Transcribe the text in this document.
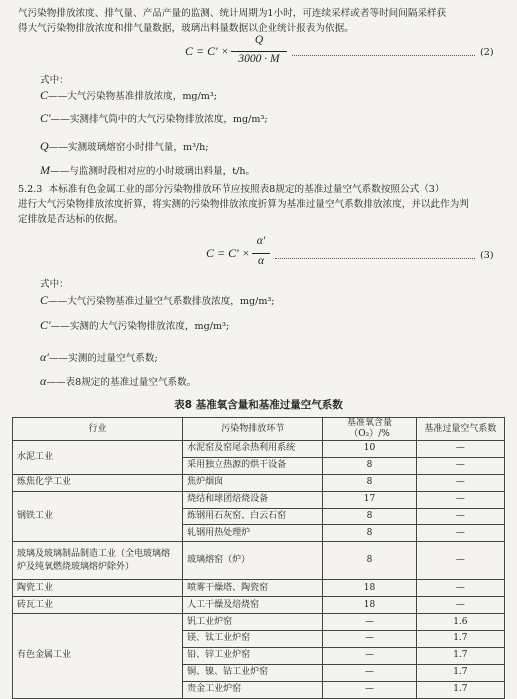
气污染物排放浓度、排气量、产品产量的监测、统计周期为1小时，可连续采样或者等时间间隔采样获
得大气污染物排放浓度和排气量数据，玻璃出料量数据以企业统计报表为依据。
C = C′ ×
Q
3000 · M
(2)
式中：
C——大气污染物基准排放浓度，mg/m³;
C′——实测排气筒中的大气污染物排放浓度，mg/m³;
Q——实测玻璃熔窑小时排气量，m³/h;
M——与监测时段相对应的小时玻璃出料量，t/h。
5.2.3 本标准有色金属工业的部分污染物排放环节应按照表8规定的基准过量空气系数按照公式（3）
进行大气污染物排放浓度折算，将实测的污染物排放浓度折算为基准过量空气系数排放浓度，并以此作为判
定排放是否达标的依据。
C = C′ ×
α′
α	(3)
式中：
C——大气污染物基准过量空气系数排放浓度，mg/m³;
C′——实测的大气污染物排放浓度，mg/m³;
α′——实测的过量空气系数;
α——表8规定的基准过量空气系数。
表8 基准氧含量和基准过量空气系数
行业	污染物排放环节	基准氧含量（O₂）/%	基准过量空气系数
水泥工业	水泥窑及窑尾余热利用系统	10	—
	采用独立热源的烘干设备	8	—
炼焦化学工业	焦炉烟囱	8	—
钢铁工业	烧结和球团焙烧设备	17	—
	炼钢用石灰窑、白云石窑	8	—
	轧钢用热处理炉	8	—
玻璃及玻璃制品制造工业（全电玻璃熔炉及纯氧燃烧玻璃熔炉除外）	玻璃熔窑（炉）	8	—
陶瓷工业	喷雾干燥塔、陶瓷窑	18	—
砖瓦工业	人工干燥及焙烧窑	18	—
有色金属工业	钒工业炉窑	—	1.6
	镁、钛工业炉窑	—	1.7
	铅、锌工业炉窑	—	1.7
	铜、镍、钴工业炉窑	—	1.7
	贵金工业炉窑	—	1.7
